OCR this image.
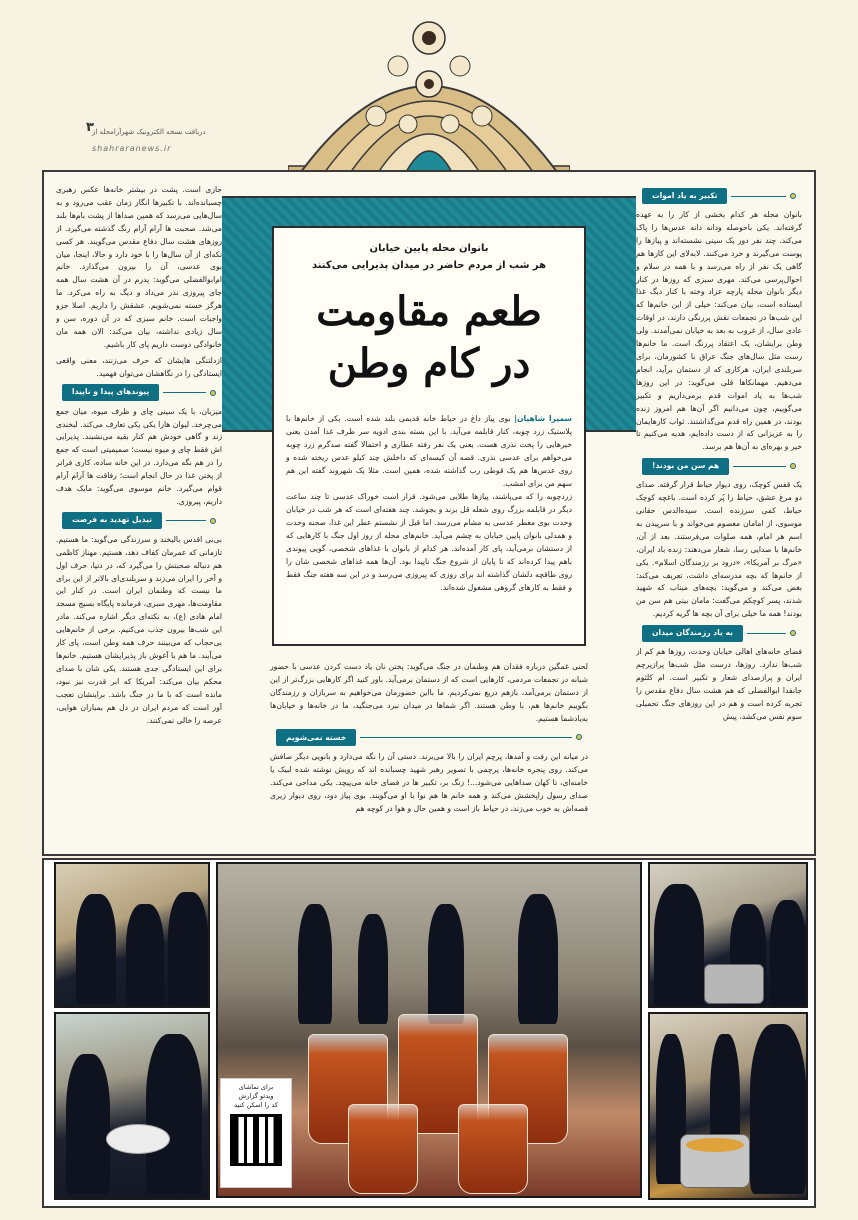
۳
دریافت نسخه الکترونیک شهرآرامحله از
shahraranews.ir
تکبیر به یاد اموات

بانوان محله هر کدام بخشی از کار را به عهده گرفته‌اند. یکی باحوصله ودانه دانه عدس‌ها را پاک می‌کند. چند نفر دور یک سینی نشسته‌اند و پیازها را پوست می‌گیرند و خرد می‌کنند. لابه‌لای این کارها هم گاهی یک نفر از راه می‌رسد و با همه در سلام و احوال‌پرسی می‌کند. مهری سبزی که روزها در کنار دیگر بانوان محله پارچه عزاد وخته با کنار دیگ غذا ایستاده است، بیان می‌کند: خیلی از این خانم‌ها که این شب‌ها در تجمعات نقش پررنگی دارند، در اوقات عادی سال، از غروب به بعد به خیابان نمی‌آمدند. ولی وطن برایشان، یک اعتقاد پررنگ است. ما خانم‌ها رست مثل سال‌های جنگ عراق با کشورمان، برای سربلندی ایران، هرکاری که از دستمان برآید، انجام می‌دهیم. مهمانکاها قلی می‌گوید: در این روزها شب‌ها به یاد اموات قدم برمی‌داریم و تکبیر می‌گوییم، چون می‌دانیم اگر آن‌ها هم امروز زنده بودند، در همین راه قدم می‌گذاشتند. ثواب کارهایمان را به عزیزانی که از دست داده‌ایم، هدیه می‌کنیم تا خیر و بهره‌ای به آن‌ها هم برسد.

هم سن من بودند!

یک قفس کوچک، روی دیوار حیاط قرار گرفته. صدای دو مرغ عشق، حیاط را پُر کرده است. باغچه کوچک حیاط، کمی سرزنده است. سیده‌الدس حقانی موسوی، از امامان معصوم می‌خواند و با سرپیدن به اسم هر امام، همه صلوات می‌فرستند. بعد از آن، خانم‌ها با صدایی رسا، شعار می‌دهند: زنده باد ایران، «مرگ بر آمریکا»، «درود بر رزمندگان اسلام». یکی از خانم‌ها که بچه مدرسه‌ای داشت، تعریف می‌کند: بغض می‌کند و می‌گوید: بچه‌های میناب که شهید شدند، پسر کوچکم می‌گفت: مامان بینی هم سن من بودند! همه ما خیلی برای آن بچه ها گریه کردیم.

به یاد رزمندگان میدان

فضای خانه‌های اهالی خیابان وحدت، روزها هم کم از شب‌ها ندارد. روزها، درست مثل شب‌ها پرازپرچم ایران و پرازصدای شعار و تکبیر است. ام کلثوم جانفدا ابوالفضلی که هم هشت سال دفاع مقدس را تجربه کرده است و هم در این روزهای جنگ تحمیلی سوم نفس می‌کشد، پیش

جاری است. پشت در بیشتر خانه‌ها عکس رهبری چسبانده‌اند. با تکبیرها انگار زمان عقب می‌رود و به سال‌هایی می‌رسد که همین صداها از پشت بام‌ها بلند می‌شد. صحبت ها آرام آرام رنگ گذشته می‌گیرد. از روزهای هشت سال دفاع مقدس می‌گویند. هر کسی تکه‌ای از آن سال‌ها را با خود دارد و حالا، اینجا، میان بوی عدسی، آن را بیرون می‌گذارد. خانم ام‌ابوالفضلی می‌گوید: پدرم در آن هشت سال همه جای پیروزی نذر می‌داد و دیگ به راه می‌کرد. ما هرگز خسته نمی‌شویم. عشقش را داریم. اصلا جزو واجبات است. خانم سبزی که در آن دوره، سن و سال زیادی نداشته، بیان می‌کند: الان همه مان خانوادگی دوست داریم پای کار باشیم.

ازدلتنگی هایشان که حرف می‌زنند، معنی واقعی ایستادگی را در نگاهشان می‌توان فهمید.

پیوندهای پیدا و ناپیدا

میزبان، با یک سینی چای و ظرف میوه، میان جمع می‌چرخد. لیوان هارا یکی یکی تعارف می‌کند. لبخندی زند و گاهی خودش هم کنار بقیه می‌نشیند. پذیرایی اش فقط چای و میوه نیست؛ صمیمیتی است که جمع را در هم نگه می‌دارد. در این خانه ساده، کاری فراتر از پختن غذا در حال انجام است؛ رفاقت ها آرام آرام قوام می‌گیرد. خانم موسوی می‌گوید: مایک هدف داریم، پیروزی.

تبدیل تهدید به فرصت

بی‌بی اقدس بالبخند و سرزندگی می‌گوید: ما هستیم. تازمانی که عمرمان کفاف دهد، هستیم. مهناز کاظمی هم دنباله صحبتش را می‌گیرد که، در دنیا، حرف اول و آخر را ایران می‌زند و سربلندی‌ای بالاتر از این برای ما نیست که وطنمان ایران است. در کنار این مقاومت‌ها، مهری سبزی، فرمانده پایگاه بسیج مسجد امام هادی (ع)، به نکته‌ای دیگر اشاره می‌کند. مادر این شب‌ها بیرون جذب می‌کنیم. برخی از خانم‌هایی بی‌حجاب که می‌بینند حرف همه وطن است، پای کار می‌آیند. ما هم با آغوش باز پذیرایشان هستیم. خانم‌ها برای این ایستادگی جدی هستند. یکی شان با صدای محکم بیان می‌کند: آمریکا که ابر قدرت نیز نبود، مانده است که با ما در جنگ باشد. براینشان تعجب آور است که مردم ایران در دل هم بمباران هوایی، عرصه را خالی نمی‌کنند.

بانوان محله پایین خیابان
هر شب از مردم حاضر در میدان پذیرایی می‌کنند
طعم مقاومت
در کام وطن

سمیرا شاهیان| بوی پیاز داغ در حیاط خانه قدیمی بلند شده است. یکی از خانم‌ها با پلاستیک زرد چوبه، کنار قابلمه می‌آید. با این بسته بندی ادویه سر ظرف غذا آمدن یعنی خیرهایی را پخت نذری هست. یعنی یک نفر رفته عطاری و احتمالا گفته صدگرم زرد چوبه می‌خواهم برای عدسی نذری. قصه آن کیسه‌ای که داخلش چند کیلو عدس ریخته شده و روی عدس‌ها هم یک قوطی رب گذاشته شده، همین است. مثلا یک شهروند گفته این هم سهم من برای امشب.

زردچوبه را که می‌پاشند، پیازها طلایی می‌شود. قرار است خوراک عدسی تا چند ساعت دیگر در قابلمه بزرگ روی شعله قل بزند و بجوشد. چند هفته‌ای است که هر شب در خیابان وحدت بوی معطر عدسی به مشام می‌رسد. اما قبل از نشستم عطر این غذا، صحنه وحدت و همدلی بانوان پایین خیابان به چشم می‌آید. خانم‌های محله از روز اول جنگ با کارهایی که از دستشان برمی‌آید، پای کار آمده‌اند. هر کدام از بانوان با غذاهای شخصی، گویی پیوندی باهم پیدا کرده‌اند که تا پایان از شروع جنگ ناپیدا بود. آن‌ها همه غذاهای شخصی شان را روی طاقچه دلشان گذاشته اند برای روزی که پیروزی می‌رسد و در این سه هفته جنگ فقط و فقط به کارهای گروهی مشغول شده‌اند.

لحنی غمگین درباره فقدان هم وطنمان در جنگ می‌گوید: پختن نان یاد دست کردن عدسی با حضور شیانه در تجمعات مردمی، کارهایی است که از دستمان برمی‌آید. باور کنید اگر کارهایی بزرگ‌تر از این از دستمان برمی‌آمد، بازهم دریغ نمی‌کردیم. ما بااین حضورمان می‌خواهیم به سربازان و رزمندگان بگوییم خانم‌ها هم، با وطن هستند. اگر شماها در میدان نبرد می‌جنگید، ما در خانه‌ها و خیابان‌ها به‌یادشما هستیم.

خسته نمی‌شویم

در میانه این رفت و آمدها، پرچم ایران را بالا می‌برند. دستی آن را نگه می‌دارد و بانویی دیگر صافش می‌کند. روی پنجره خانه‌ها، پرچمی با تصویر رهبر شهید چسبانده اند که رویش نوشته شده لبیک یا خامنه‌ای، تا کهان صداهایی می‌شود...! زنگ بر، تکبیر ها در فضای خانه می‌پیچد. یکی مداحی می‌کند. صدای رسول راپخشش می‌کند و همه خانم ها هم نوا با او می‌گویند. بوی پیاز دود، روی دیوار زیری قصه‌اش به خوب می‌زند، در حیاط باز است و همین حال و هوا در کوچه هم

برای تماشای
ویدئو گزارش
کد را اسکن کنید
